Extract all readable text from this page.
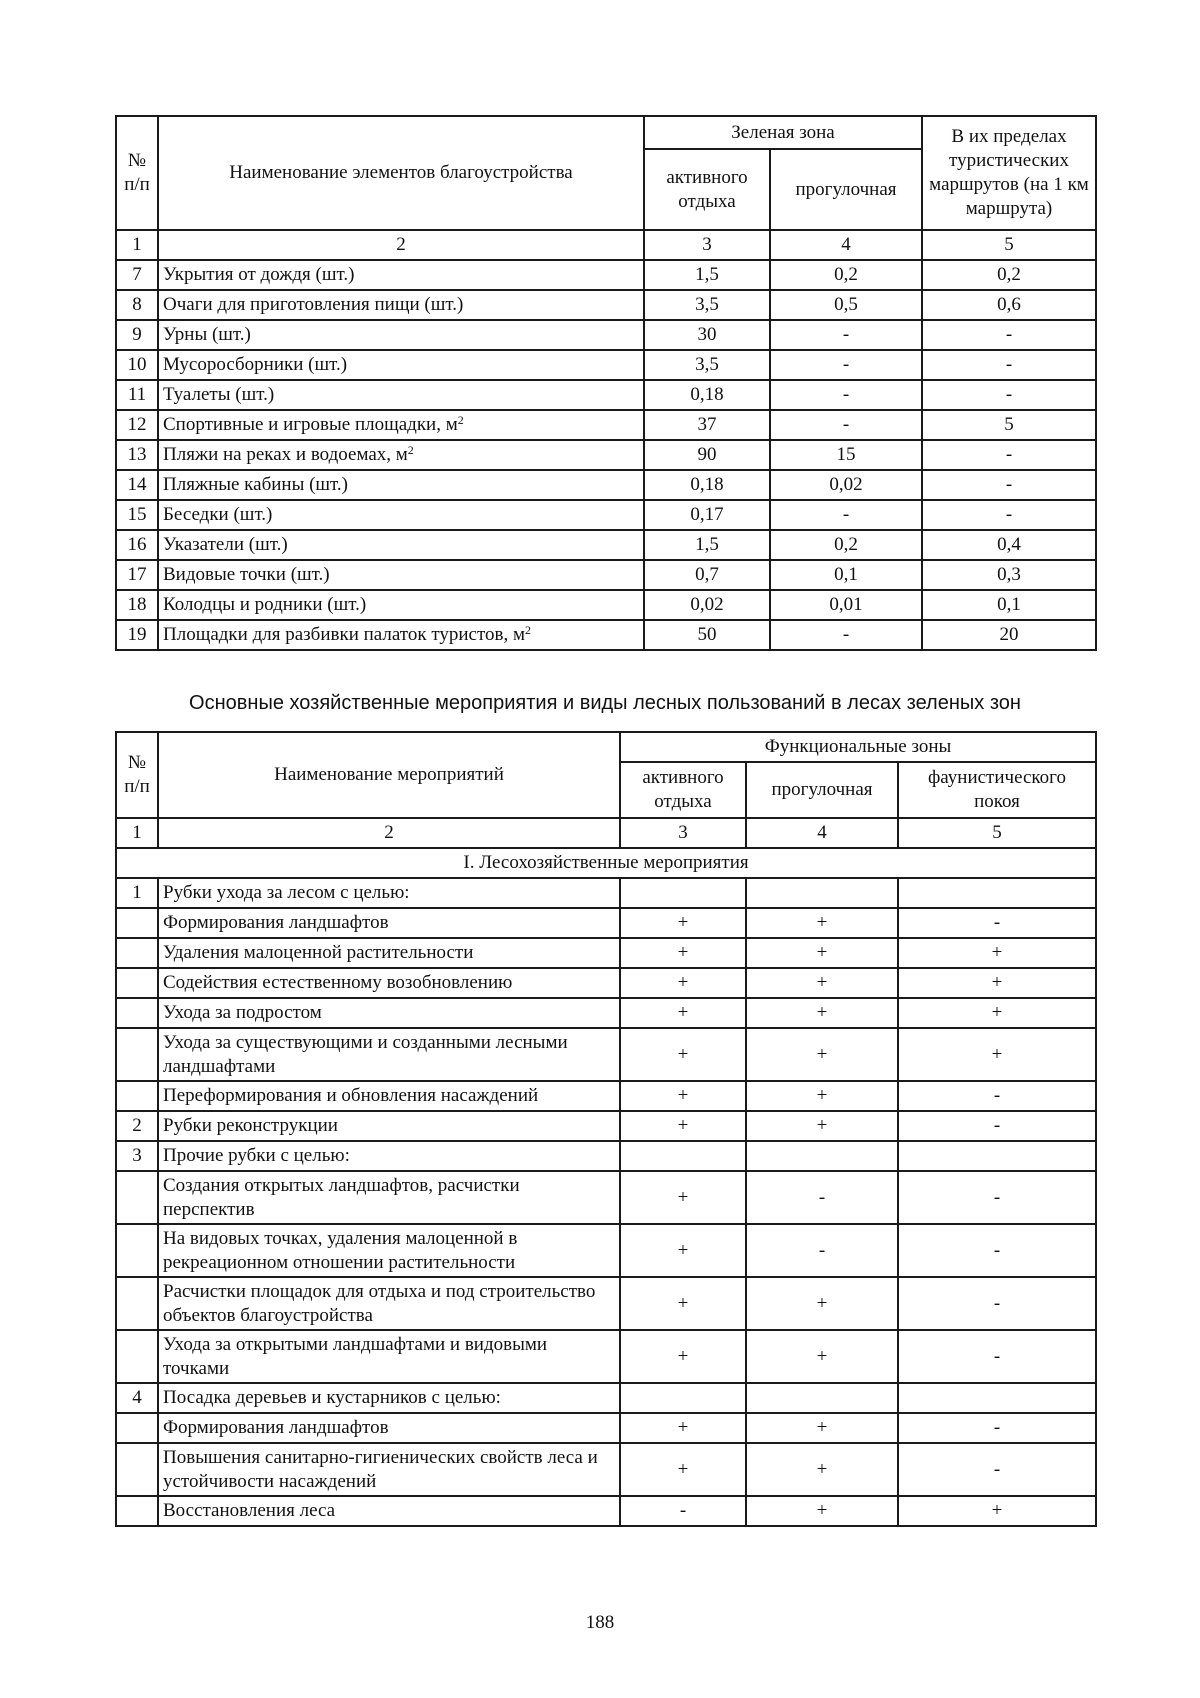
№ п/п	Наименование элементов благоустройства	Зеленая зона		В их пределах туристических маршрутов (на 1 км маршрута)
		активного отдыха	прогулочная	
1	2	3	4	5
7	Укрытия от дождя (шт.)	1,5	0,2	0,2
8	Очаги для приготовления пищи (шт.)	3,5	0,5	0,6
9	Урны (шт.)	30	-	-
10	Мусоросборники (шт.)	3,5	-	-
11	Туалеты (шт.)	0,18	-	-
12	Спортивные и игровые площадки, $м^2$	37	-	5
13	Пляжи на реках и водоемах, $м^2$	90	15	-
14	Пляжные кабины (шт.)	0,18	0,02	-
15	Беседки (шт.)	0,17	-	-
16	Указатели (шт.)	1,5	0,2	0,4
17	Видовые точки (шт.)	0,7	0,1	0,3
18	Колодцы и родники (шт.)	0,02	0,01	0,1
19	Площадки для разбивки палаток туристов, $м^2$	50	-	20
Основные хозяйственные мероприятия и виды лесных пользований в лесах зеленых зон
№ п/п	Наименование мероприятий	Функциональные зоны		
		активного отдыха	прогулочная	фаунистического покоя
1	2	3	4	5
I. Лесохозяйственные мероприятия				
1	Рубки ухода за лесом с целью:			
	Формирования ландшафтов	+	+	-
	Удаления малоценной растительности	+	+	+
	Содействия естественному возобновлению	+	+	+
	Ухода за подростом	+	+	+
	Ухода за существующими и созданными лесными ландшафтами	+	+	+
	Переформирования и обновления насаждений	+	+	-
2	Рубки реконструкции	+	+	-
3	Прочие рубки с целью:			
	Создания открытых ландшафтов, расчистки перспектив	+	-	-
	На видовых точках, удаления малоценной в рекреационном отношении растительности	+	-	-
	Расчистки площадок для отдыха и под строительство объектов благоустройства	+	+	-
	Ухода за открытыми ландшафтами и видовыми точками	+	+	-
4	Посадка деревьев и кустарников с целью:			
	Формирования ландшафтов	+	+	-
	Повышения санитарно-гигиенических свойств леса и устойчивости насаждений	+	+	-
	Восстановления леса	-	+	+
188
